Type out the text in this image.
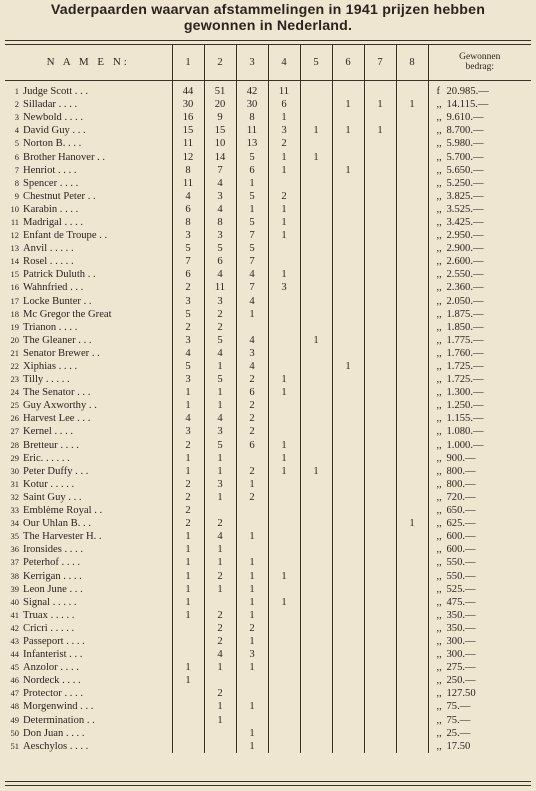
Vaderpaarden waarvan afstammelingen in 1941 prijzen hebben
gewonnen in Nederland.
N A M E N:	1	2	3	4	5	6	7	8	Gewonnen
bedrag:

1 Judge Scott . . .	44	51	42	11					f 20.985.—
2 Silladar . . . .	30	20	30	6		1	1	1	,, 14.115.—
3 Newbold . . . .	16	9	8	1					,, 9.610.—
4 David Guy . . .	15	15	11	3	1	1	1		,, 8.700.—
5 Norton B. . . .	11	10	13	2					,, 5.980.—
6 Brother Hanover . .	12	14	5	1	1				,, 5.700.—
7 Henriot . . . .	8	7	6	1		1			,, 5.650.—
8 Spencer . . . .	11	4	1						,, 5.250.—
9 Chestnut Peter . .	4	3	5	2					,, 3.825.—
10 Karabin . . . .	6	4	1	1					,, 3.525.—
11 Madrigal . . . .	8	8	5	1					,, 3.425.—
12 Enfant de Troupe . .	3	3	7	1					,, 2.950.—
13 Anvil . . . . .	5	5	5						,, 2.900.—
14 Rosel . . . . .	7	6	7						,, 2.600.—
15 Patrick Duluth . .	6	4	4	1					,, 2.550.—
16 Wahnfried . . .	2	11	7	3					,, 2.360.—
17 Locke Bunter . .	3	3	4						,, 2.050.—
18 Mc Gregor the Great	5	2	1						,, 1.875.—
19 Trianon . . . .	2	2							,, 1.850.—
20 The Gleaner . . .	3	5	4		1				,, 1.775.—
21 Senator Brewer . .	4	4	3						,, 1.760.—
22 Xiphias . . . .	5	1	4			1			,, 1.725.—
23 Tilly . . . . .	3	5	2	1					,, 1.725.—
24 The Senator . . .	1	1	6	1					,, 1.300.—
25 Guy Axworthy . .	1	1	2						,, 1.250.—
26 Harvest Lee . . .	4	4	2						,, 1.155.—
27 Kernel . . . .	3	3	2						,, 1.080.—
28 Bretteur . . . .	2	5	6	1					,, 1.000.—
29 Eric. . . . . .	1	1		1					,, 900.—
30 Peter Duffy . . .	1	1	2	1	1				,, 800.—
31 Kotur . . . . .	2	3	1						,, 800.—
32 Saint Guy . . .	2	1	2						,, 720.—
33 Emblème Royal . .	2								,, 650.—
34 Our Uhlan B. . .	2	2						1	,, 625.—
35 The Harvester H. .	1	4	1						,, 600.—
36 Ironsides . . . .	1	1							,, 600.—
37 Peterhof . . . .	1	1	1						,, 550.—
38 Kerrigan . . . .	1	2	1	1					,, 550.—
39 Leon June . . .	1	1	1						,, 525.—
40 Signal . . . . .	1		1	1					,, 475.—
41 Truax . . . . .	1	2	1						,, 350.—
42 Cricri . . . . .		2	2						,, 350.—
43 Passeport . . . .		2	1						,, 300.—
44 Infanterist . . .		4	3						,, 300.—
45 Anzolor . . . .	1	1	1						,, 275.—
46 Nordeck . . . .	1								,, 250.—
47 Protector . . . .		2							,, 127.50
48 Morgenwind . . .		1	1						,, 75.—
49 Determination . .		1							,, 75.—
50 Don Juan . . . .			1						,, 25.—
51 Aeschylos . . . .			1						,, 17.50
